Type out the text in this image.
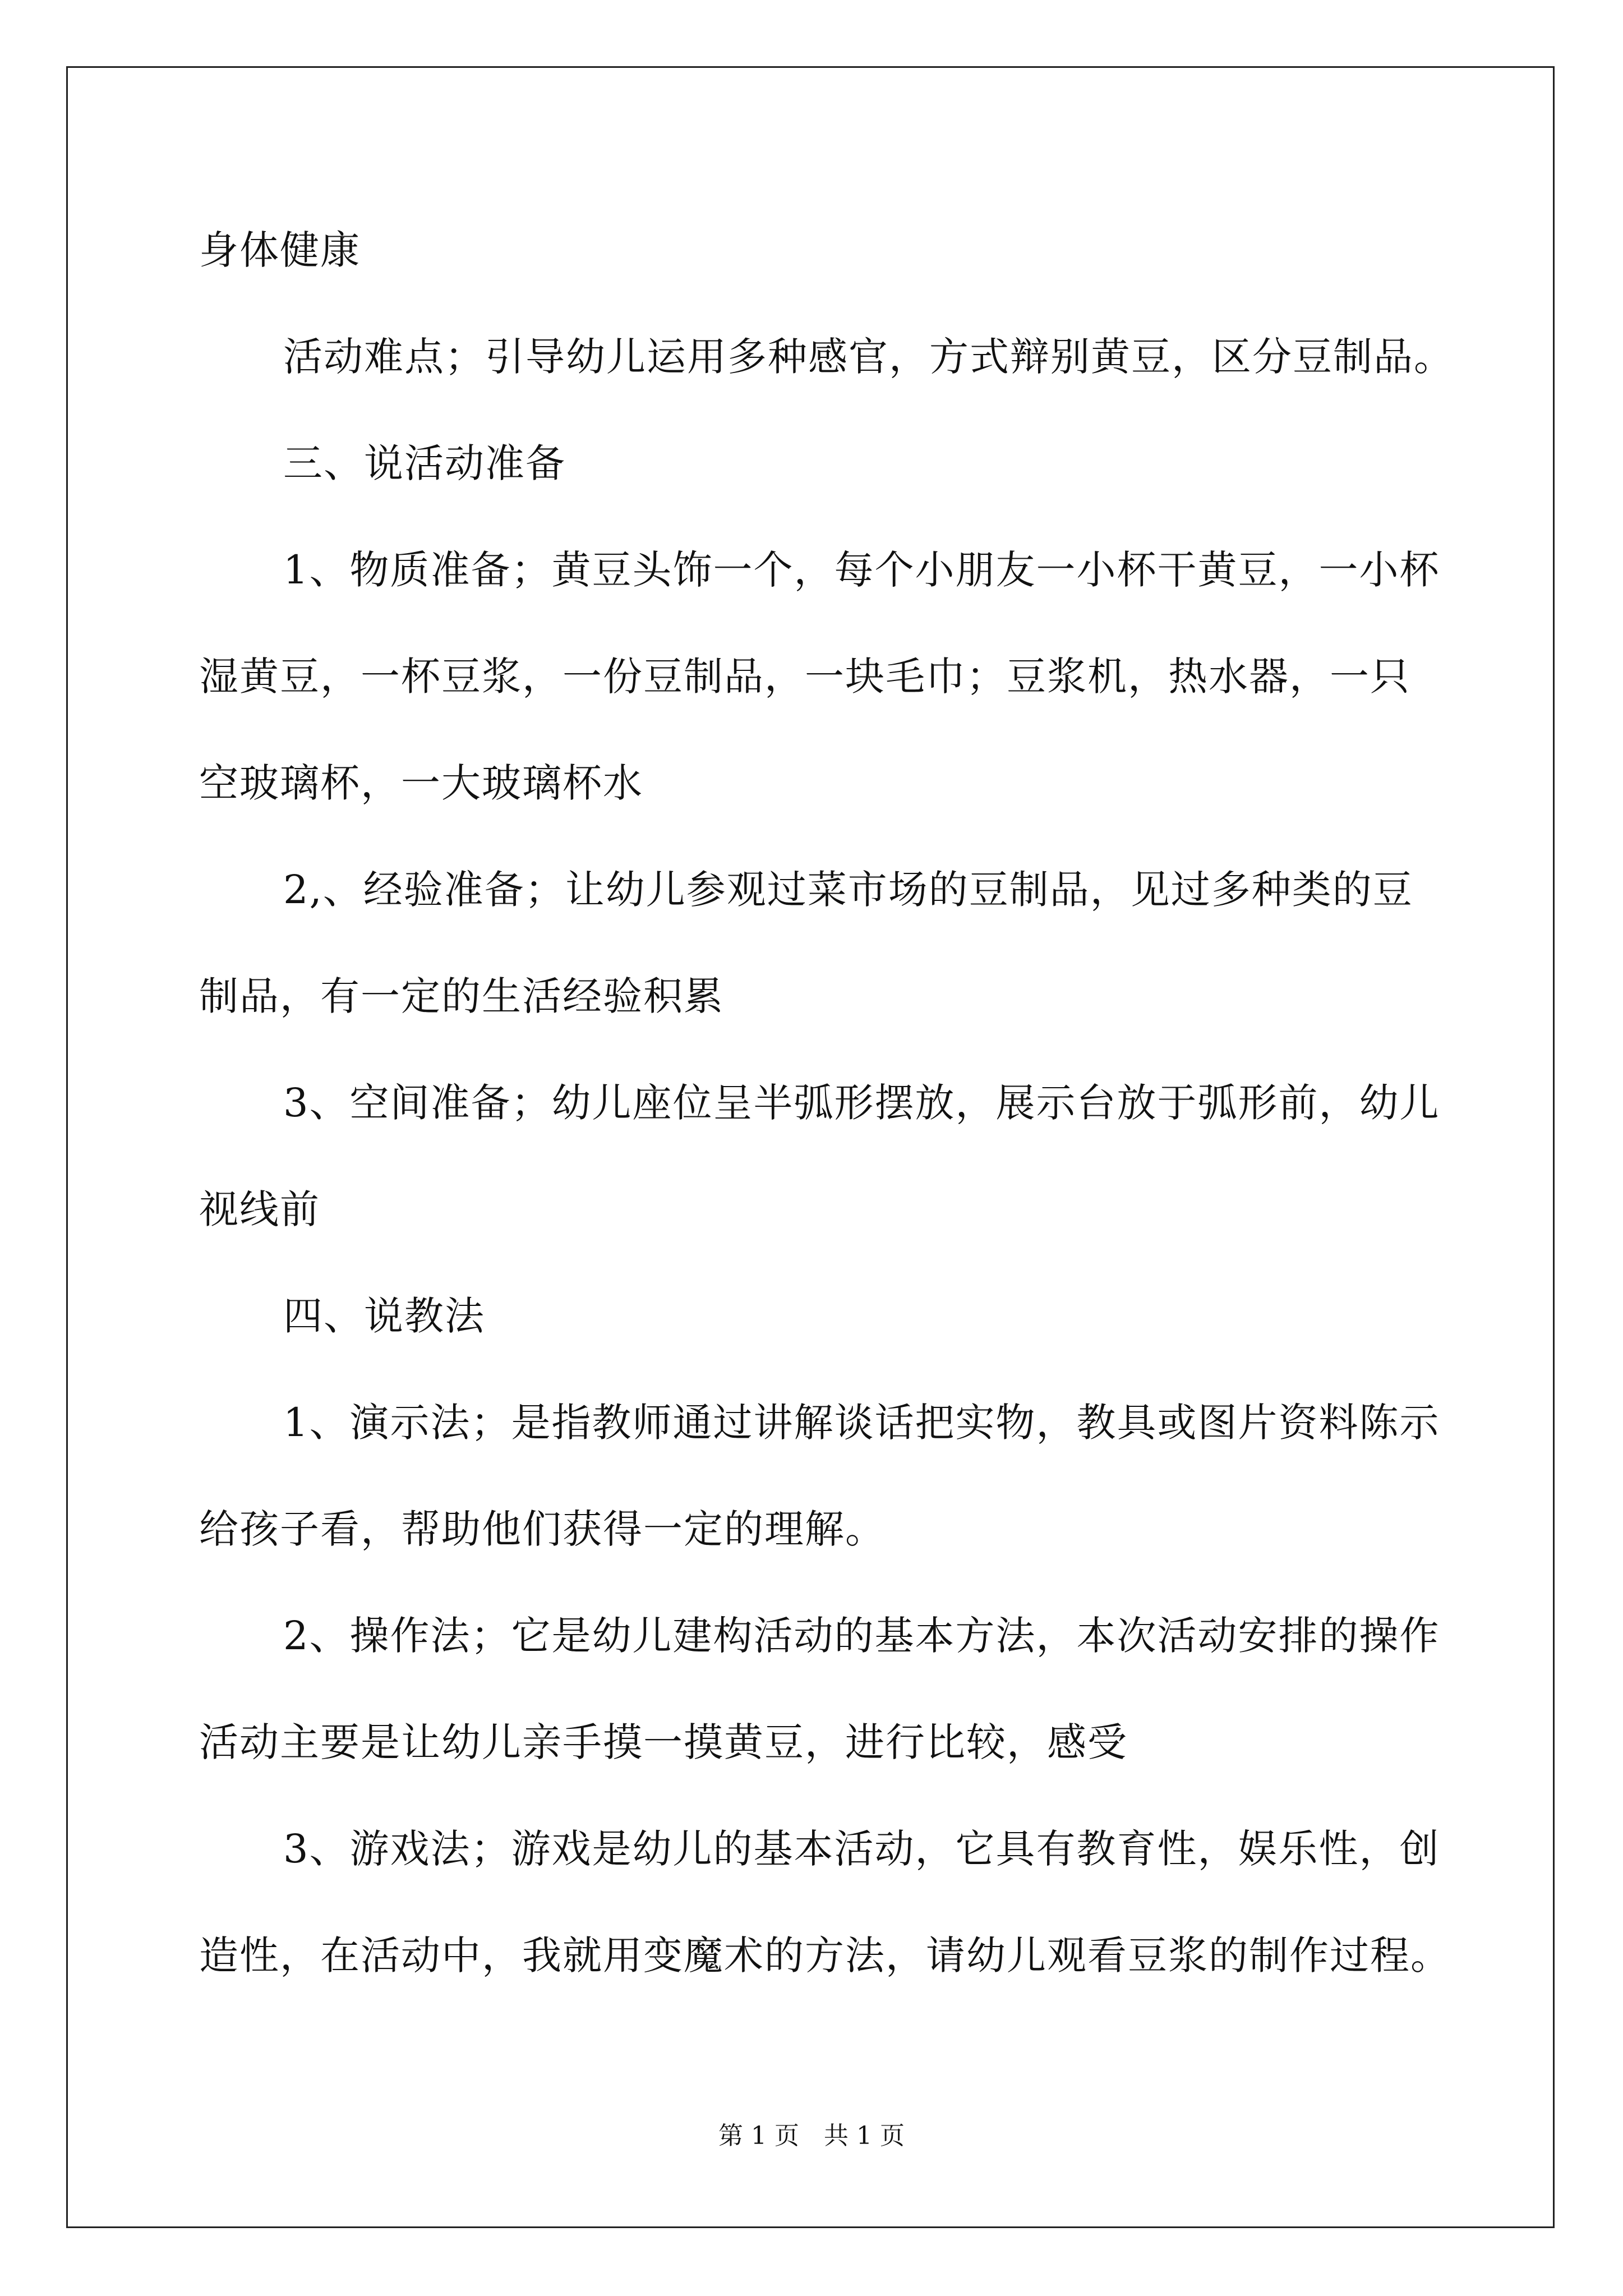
身体健康
活动难点；引导幼儿运用多种感官，方式辩别黄豆，区分豆制品。
三、说活动准备
1、物质准备；黄豆头饰一个，每个小朋友一小杯干黄豆，一小杯
湿黄豆，一杯豆浆，一份豆制品，一块毛巾；豆浆机，热水器，一只
空玻璃杯，一大玻璃杯水
2,、经验准备；让幼儿参观过菜市场的豆制品，见过多种类的豆
制品，有一定的生活经验积累
3、空间准备；幼儿座位呈半弧形摆放，展示台放于弧形前，幼儿
视线前
四、说教法
1、演示法；是指教师通过讲解谈话把实物，教具或图片资料陈示
给孩子看，帮助他们获得一定的理解。
2、操作法；它是幼儿建构活动的基本方法，本次活动安排的操作
活动主要是让幼儿亲手摸一摸黄豆，进行比较，感受
3、游戏法；游戏是幼儿的基本活动，它具有教育性，娱乐性，创
造性，在活动中，我就用变魔术的方法，请幼儿观看豆浆的制作过程。
第 1 页　共 1 页
